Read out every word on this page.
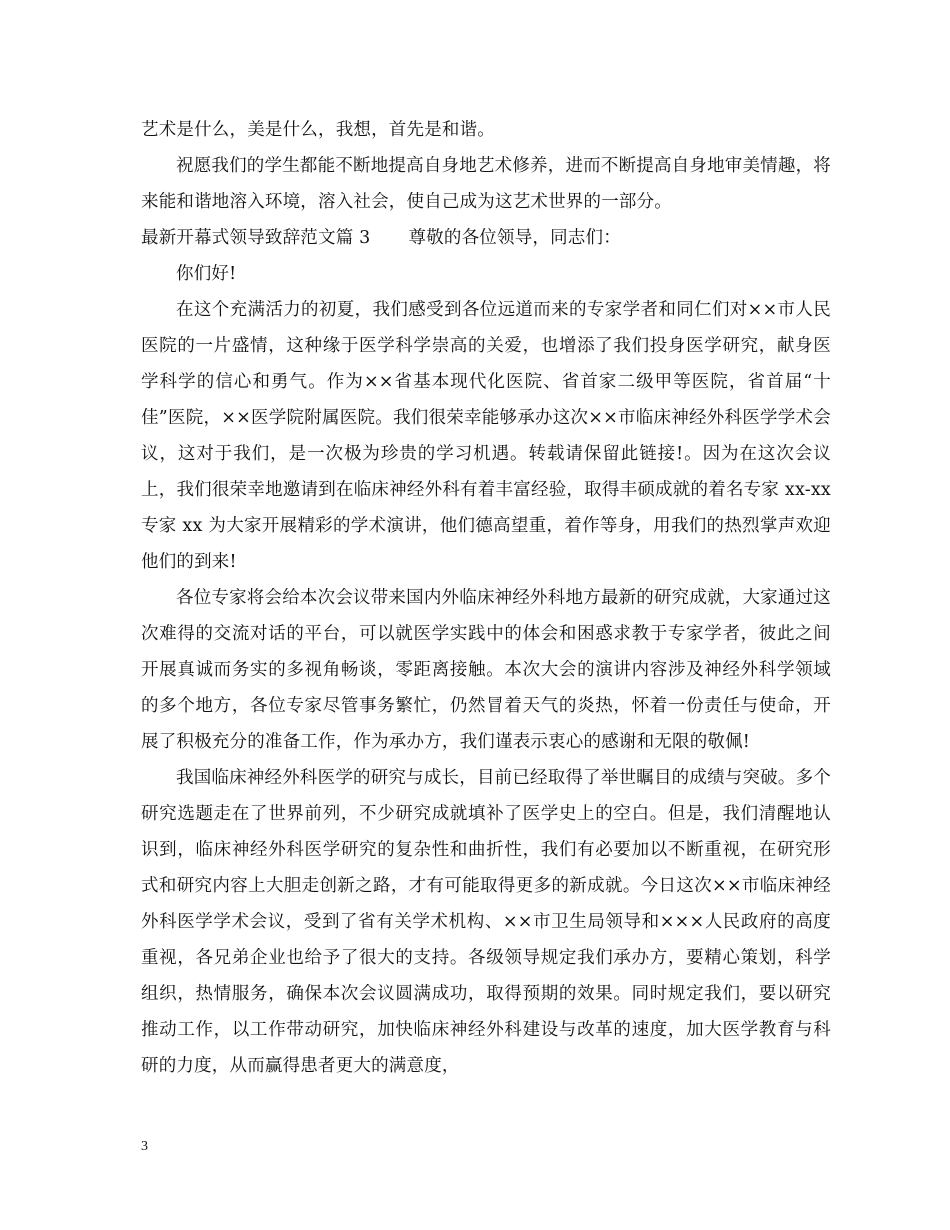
艺术是什么，美是什么，我想，首先是和谐。

祝愿我们的学生都能不断地提高自身地艺术修养，进而不断提高自身地审美情趣，将来能和谐地溶入环境，溶入社会，使自己成为这艺术世界的一部分。

最新开幕式领导致辞范文篇 3 尊敬的各位领导，同志们：

你们好!

在这个充满活力的初夏，我们感受到各位远道而来的专家学者和同仁们对××市人民医院的一片盛情，这种缘于医学科学崇高的关爱，也增添了我们投身医学研究，献身医学科学的信心和勇气。作为××省基本现代化医院、省首家二级甲等医院，省首届“十佳”医院，××医学院附属医院。我们很荣幸能够承办这次××市临床神经外科医学学术会议，这对于我们，是一次极为珍贵的学习机遇。转载请保留此链接!。因为在这次会议上，我们很荣幸地邀请到在临床神经外科有着丰富经验，取得丰硕成就的着名专家 xx-xx 专家 xx 为大家开展精彩的学术演讲，他们德高望重，着作等身，用我们的热烈掌声欢迎他们的到来!

各位专家将会给本次会议带来国内外临床神经外科地方最新的研究成就，大家通过这次难得的交流对话的平台，可以就医学实践中的体会和困惑求教于专家学者，彼此之间开展真诚而务实的多视角畅谈，零距离接触。本次大会的演讲内容涉及神经外科学领域的多个地方，各位专家尽管事务繁忙，仍然冒着天气的炎热，怀着一份责任与使命，开展了积极充分的准备工作，作为承办方，我们谨表示衷心的感谢和无限的敬佩!

我国临床神经外科医学的研究与成长，目前已经取得了举世瞩目的成绩与突破。多个研究选题走在了世界前列，不少研究成就填补了医学史上的空白。但是，我们清醒地认识到，临床神经外科医学研究的复杂性和曲折性，我们有必要加以不断重视，在研究形式和研究内容上大胆走创新之路，才有可能取得更多的新成就。今日这次××市临床神经外科医学学术会议，受到了省有关学术机构、××市卫生局领导和×××人民政府的高度重视，各兄弟企业也给予了很大的支持。各级领导规定我们承办方，要精心策划，科学组织，热情服务，确保本次会议圆满成功，取得预期的效果。同时规定我们，要以研究推动工作，以工作带动研究，加快临床神经外科建设与改革的速度，加大医学教育与科研的力度，从而赢得患者更大的满意度，

3
